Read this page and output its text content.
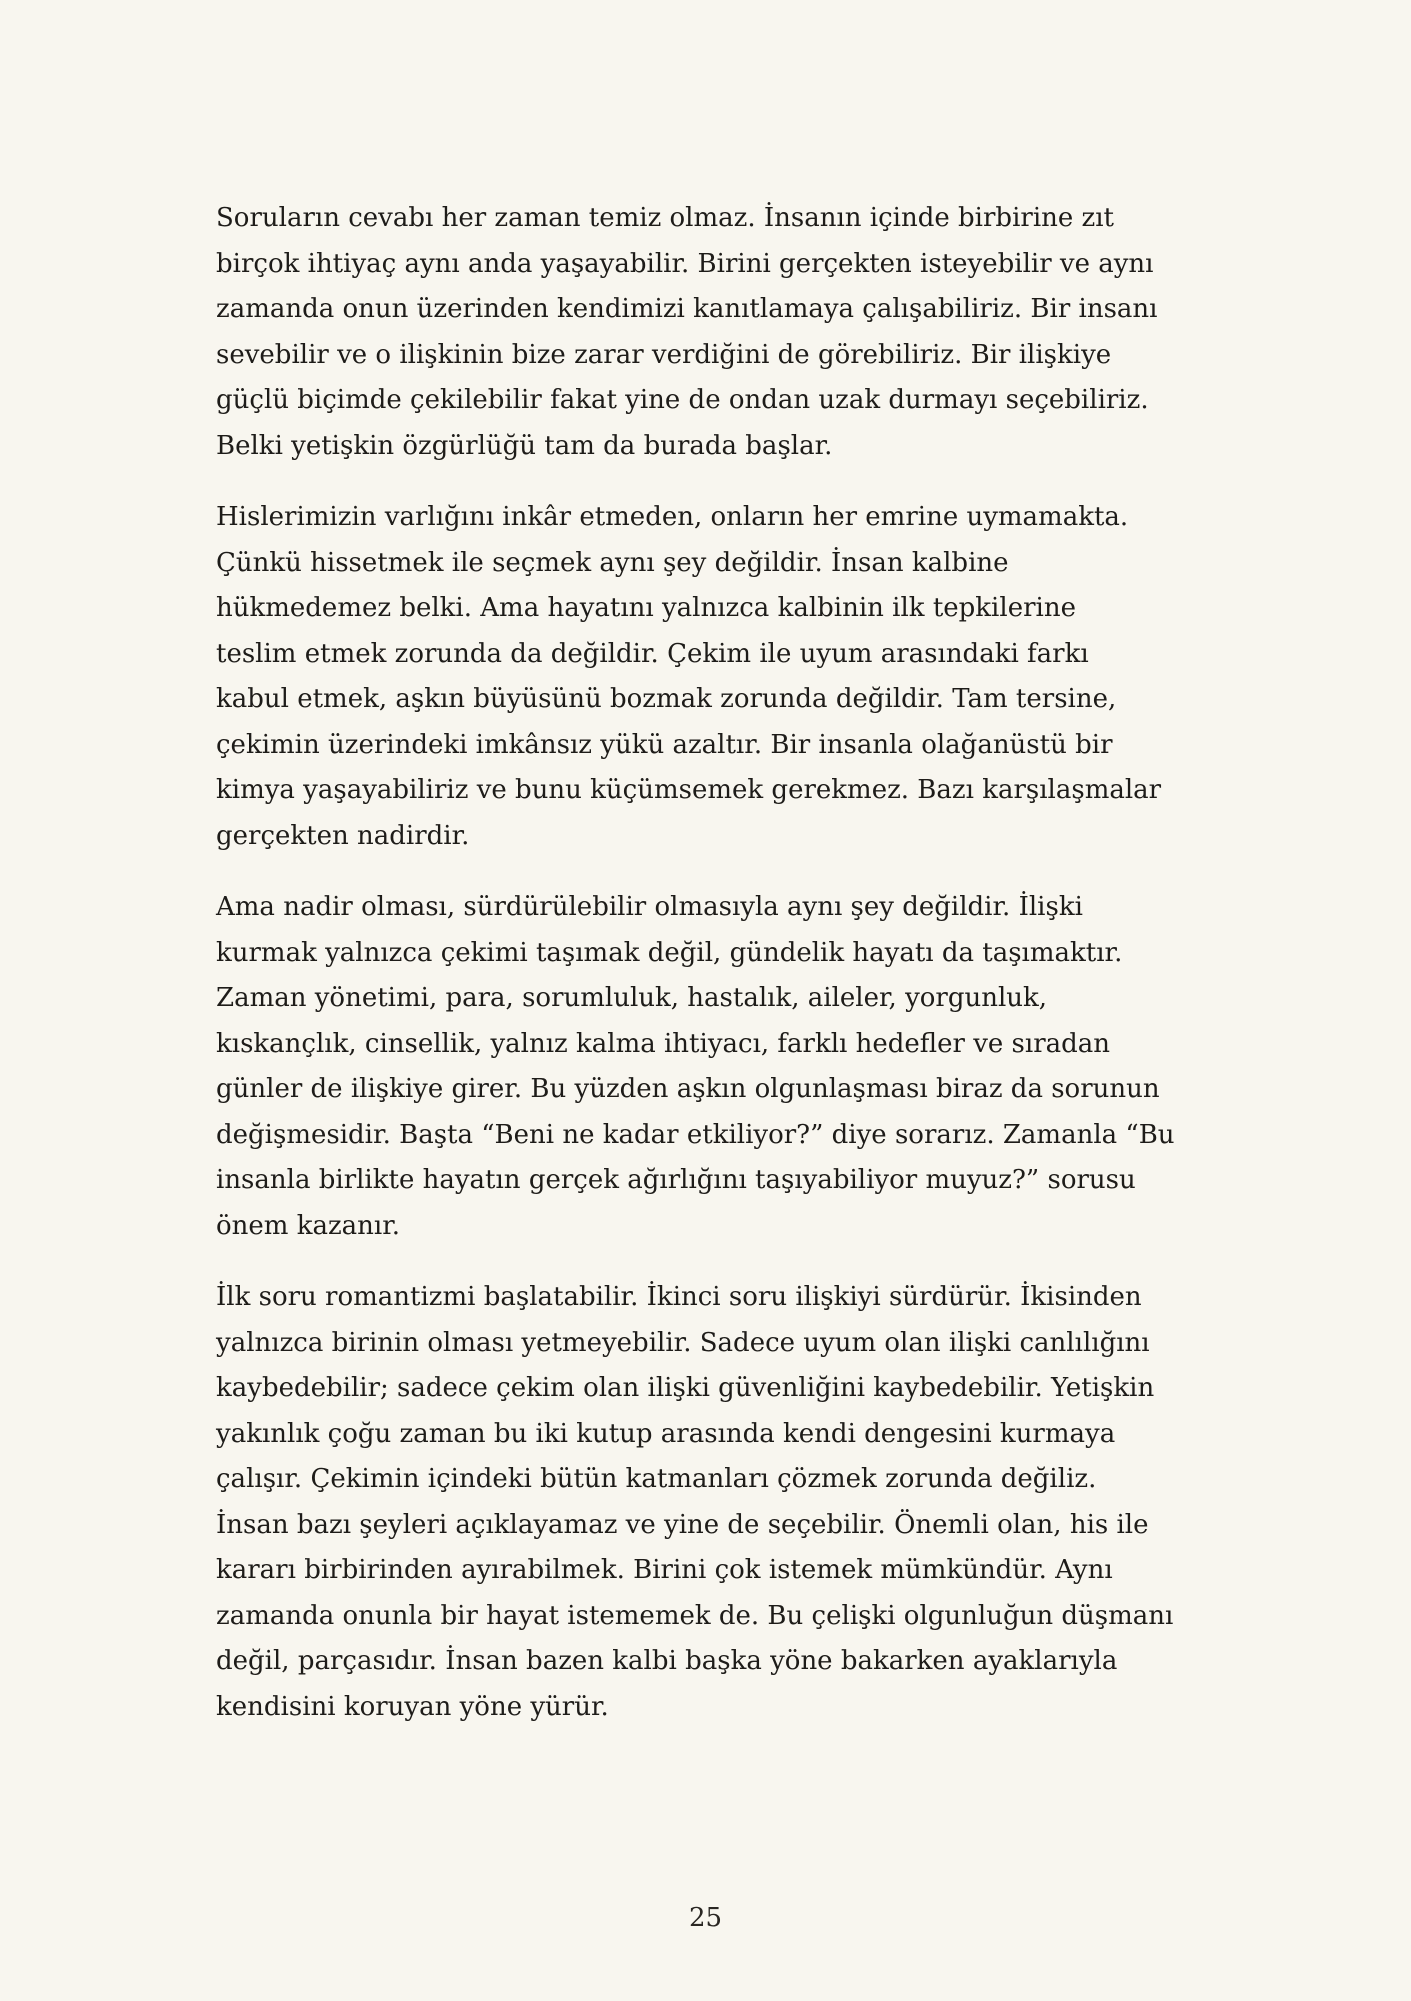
Soruların cevabı her zaman temiz olmaz. İnsanın içinde birbirine zıt
birçok ihtiyaç aynı anda yaşayabilir. Birini gerçekten isteyebilir ve aynı
zamanda onun üzerinden kendimizi kanıtlamaya çalışabiliriz. Bir insanı
sevebilir ve o ilişkinin bize zarar verdiğini de görebiliriz. Bir ilişkiye
güçlü biçimde çekilebilir fakat yine de ondan uzak durmayı seçebiliriz.
Belki yetişkin özgürlüğü tam da burada başlar.

Hislerimizin varlığını inkâr etmeden, onların her emrine uymamakta.
Çünkü hissetmek ile seçmek aynı şey değildir. İnsan kalbine
hükmedemez belki. Ama hayatını yalnızca kalbinin ilk tepkilerine
teslim etmek zorunda da değildir. Çekim ile uyum arasındaki farkı
kabul etmek, aşkın büyüsünü bozmak zorunda değildir. Tam tersine,
çekimin üzerindeki imkânsız yükü azaltır. Bir insanla olağanüstü bir
kimya yaşayabiliriz ve bunu küçümsemek gerekmez. Bazı karşılaşmalar
gerçekten nadirdir.

Ama nadir olması, sürdürülebilir olmasıyla aynı şey değildir. İlişki
kurmak yalnızca çekimi taşımak değil, gündelik hayatı da taşımaktır.
Zaman yönetimi, para, sorumluluk, hastalık, aileler, yorgunluk,
kıskançlık, cinsellik, yalnız kalma ihtiyacı, farklı hedefler ve sıradan
günler de ilişkiye girer. Bu yüzden aşkın olgunlaşması biraz da sorunun
değişmesidir. Başta “Beni ne kadar etkiliyor?” diye sorarız. Zamanla “Bu
insanla birlikte hayatın gerçek ağırlığını taşıyabiliyor muyuz?” sorusu
önem kazanır.

İlk soru romantizmi başlatabilir. İkinci soru ilişkiyi sürdürür. İkisinden
yalnızca birinin olması yetmeyebilir. Sadece uyum olan ilişki canlılığını
kaybedebilir; sadece çekim olan ilişki güvenliğini kaybedebilir. Yetişkin
yakınlık çoğu zaman bu iki kutup arasında kendi dengesini kurmaya
çalışır. Çekimin içindeki bütün katmanları çözmek zorunda değiliz.
İnsan bazı şeyleri açıklayamaz ve yine de seçebilir. Önemli olan, his ile
kararı birbirinden ayırabilmek. Birini çok istemek mümkündür. Aynı
zamanda onunla bir hayat istememek de. Bu çelişki olgunluğun düşmanı
değil, parçasıdır. İnsan bazen kalbi başka yöne bakarken ayaklarıyla
kendisini koruyan yöne yürür.

25
